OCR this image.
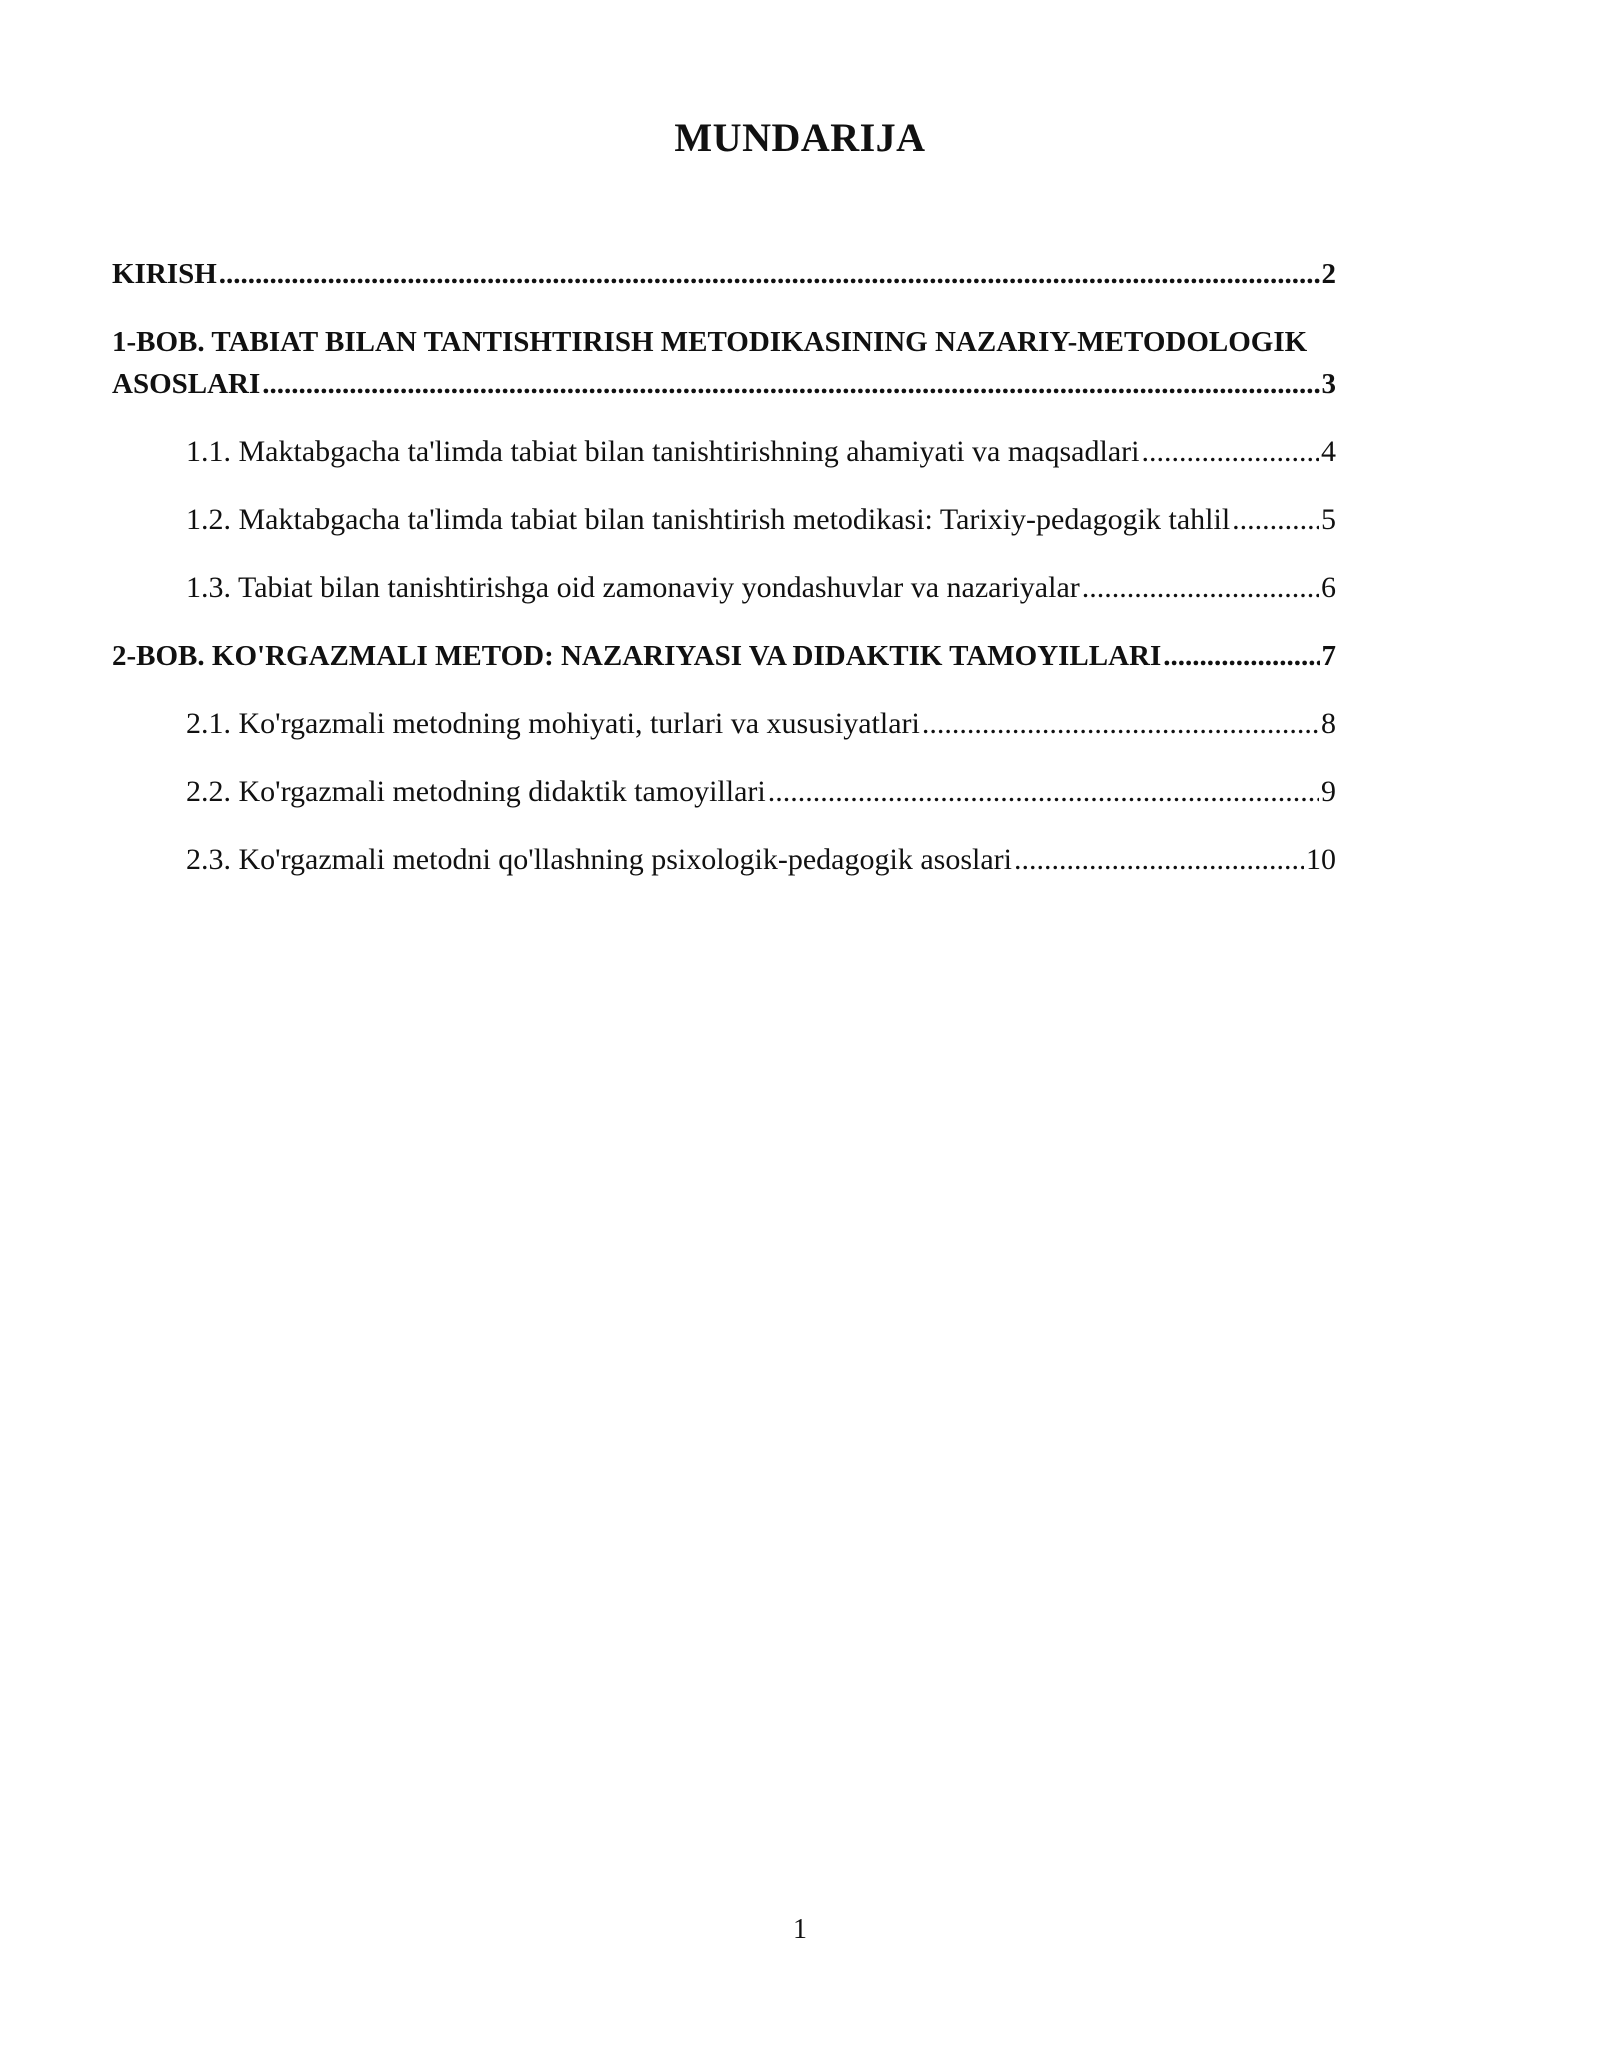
MUNDARIJA
KIRISH .....	2
1-BOB. TABIAT BILAN TANTISHTIRISH METODIKASINING NAZARIY-METODOLOGIK
ASOSLARI .....	3
1.1. Maktabgacha ta'limda tabiat bilan tanishtirishning ahamiyati va maqsadlari .....	4
1.2. Maktabgacha ta'limda tabiat bilan tanishtirish metodikasi: Tarixiy-pedagogik tahlil .....	5
1.3. Tabiat bilan tanishtirishga oid zamonaviy yondashuvlar va nazariyalar .....	6
2-BOB. KO'RGAZMALI METOD: NAZARIYASI VA DIDAKTIK TAMOYILLARI .....	7
2.1. Ko'rgazmali metodning mohiyati, turlari va xususiyatlari .....	8
2.2. Ko'rgazmali metodning didaktik tamoyillari .....	9
2.3. Ko'rgazmali metodni qo'llashning psixologik-pedagogik asoslari .....	10
1
